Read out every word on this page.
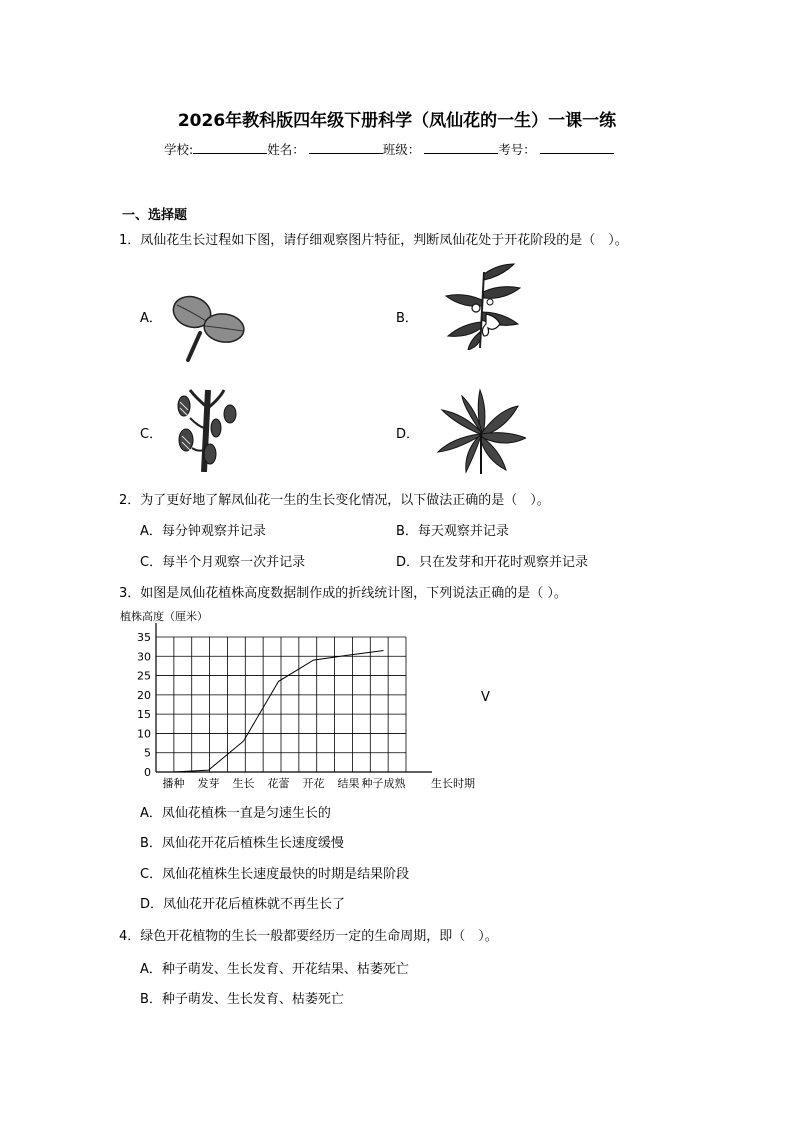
2026年教科版四年级下册科学（凤仙花的一生）一课一练
学校:	姓名：	班级：	考号：
一、选择题
1．凤仙花生长过程如下图，请仔细观察图片特征，判断凤仙花处于开花阶段的是（　）。
A．	B．
C．	D．
2．为了更好地了解凤仙花一生的生长变化情况，以下做法正确的是（　）。
A．每分钟观察并记录	B．每天观察并记录
C．每半个月观察一次并记录	D．只在发芽和开花时观察并记录
3．如图是凤仙花植株高度数据制作成的折线统计图，下列说法正确的是（ ）。
0
5
10
15
20
25
30
35
播种 发芽 生长 花蕾 开花 结果 种子成熟
植株高度（厘米）
生长时期
V
A．凤仙花植株一直是匀速生长的
B．凤仙花开花后植株生长速度缓慢
C．凤仙花植株生长速度最快的时期是结果阶段
D．凤仙花开花后植株就不再生长了
4．绿色开花植物的生长一般都要经历一定的生命周期，即（　）。
A．种子萌发、生长发育、开花结果、枯萎死亡
B．种子萌发、生长发育、枯萎死亡
